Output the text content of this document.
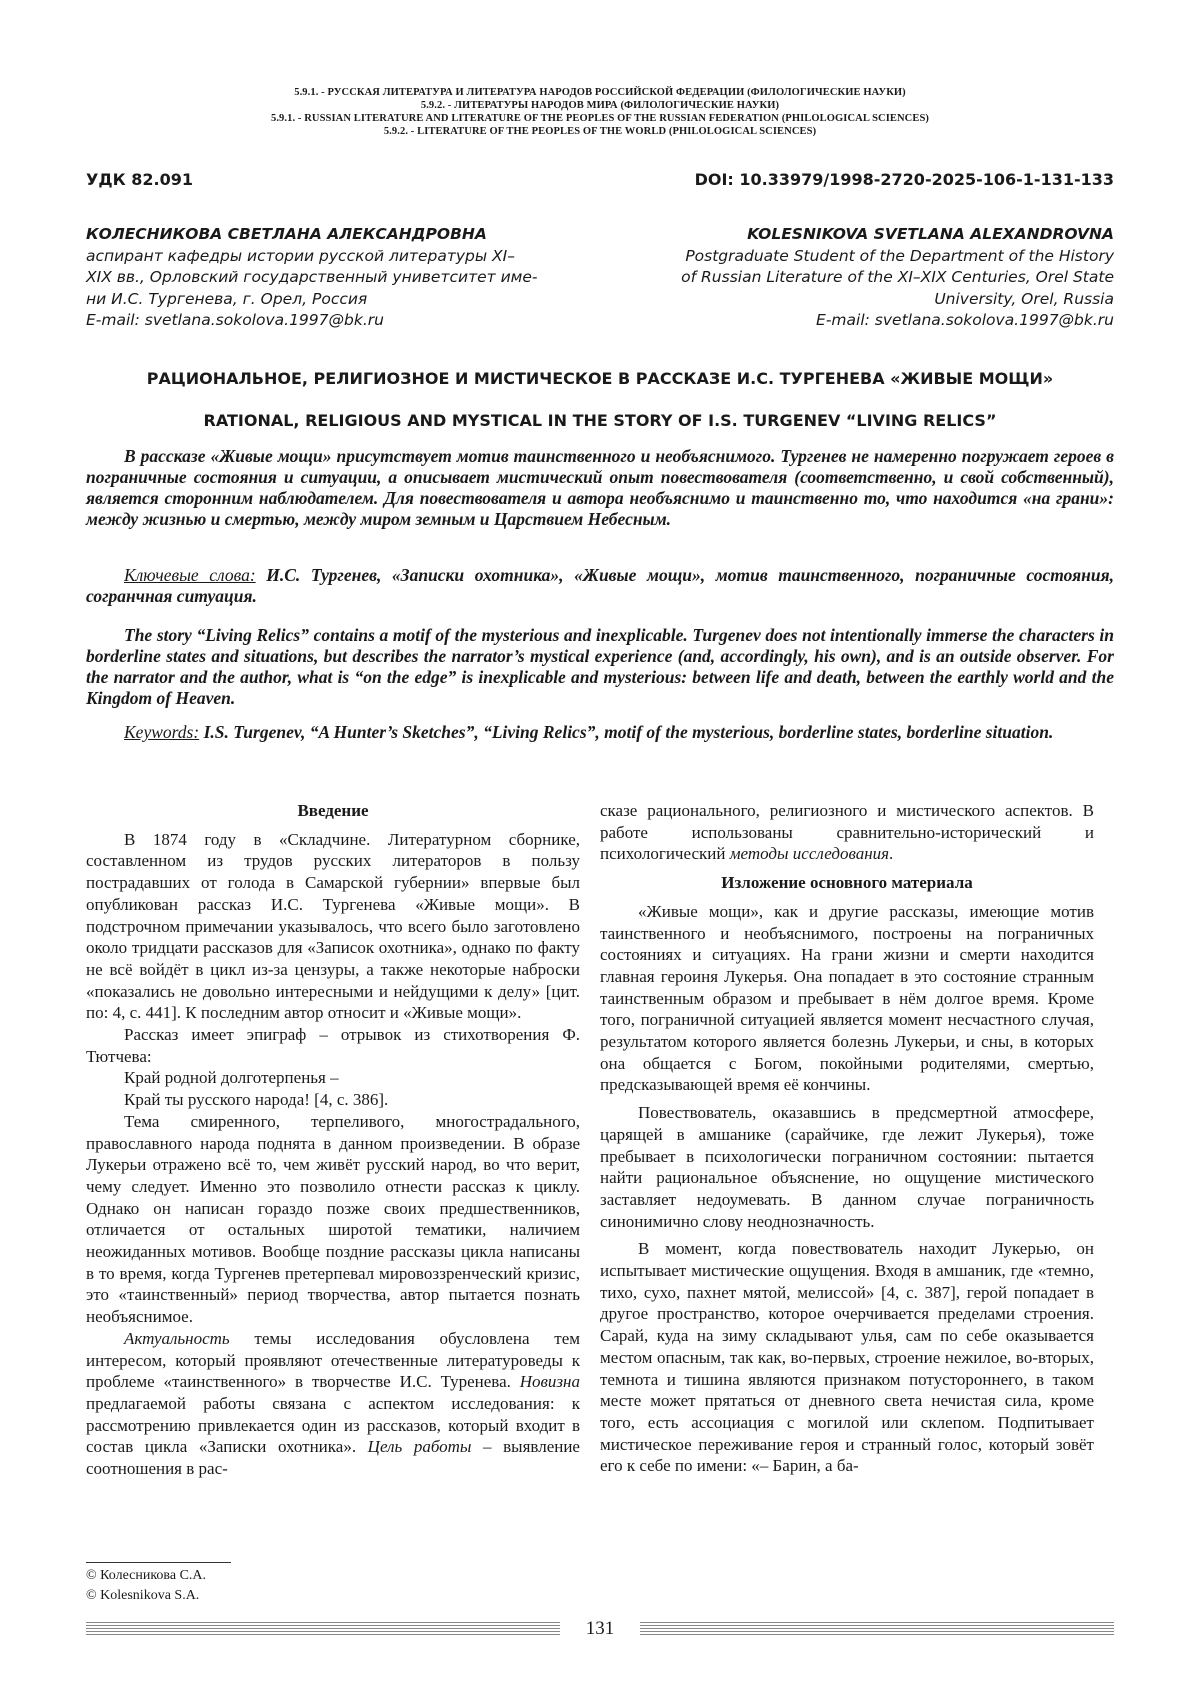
5.9.1. - РУССКАЯ ЛИТЕРАТУРА И ЛИТЕРАТУРА НАРОДОВ РОССИЙСКОЙ ФЕДЕРАЦИИ (ФИЛОЛОГИЧЕСКИЕ НАУКИ)
5.9.2. - ЛИТЕРАТУРЫ НАРОДОВ МИРА (ФИЛОЛОГИЧЕСКИЕ НАУКИ)
5.9.1. - RUSSIAN LITERATURE AND LITERATURE OF THE PEOPLES OF THE RUSSIAN FEDERATION (PHILOLOGICAL SCIENCES)
5.9.2. - LITERATURE OF THE PEOPLES OF THE WORLD (PHILOLOGICAL SCIENCES)
УДК 82.091	DOI: 10.33979/1998-2720-2025-106-1-131-133
КОЛЕСНИКОВА СВЕТЛАНА АЛЕКСАНДРОВНА
аспирант кафедры истории русской литературы XI–
XIX вв., Орловский государственный унивeтситет име-
ни И.С. Тургенева, г. Орел, Россия
E-mail: svetlana.sokolova.1997@bk.ru
KOLESNIKOVA SVETLANA ALEXANDROVNA
Postgraduate Student of the Department of the History
of Russian Literature of the XI–XIX Centuries, Orel State
University, Orel, Russia
E-mail: svetlana.sokolova.1997@bk.ru
РАЦИОНАЛЬНОЕ, РЕЛИГИОЗНОЕ И МИСТИЧЕСКОЕ В РАССКАЗЕ И.С. ТУРГЕНЕВА «ЖИВЫЕ МОЩИ»
RATIONAL, RELIGIOUS AND MYSTICAL IN THE STORY OF I.S. TURGENEV “LIVING RELICS”

В рассказе «Живые мощи» присутствует мотив таинственного и необъяснимого. Тургенев не намеренно погружает героев в пограничные состояния и ситуации, а описывает мистический опыт повествователя (соответственно, и свой собственный), является сторонним наблюдателем. Для повествователя и автора необъяснимо и таинственно то, что находится «на грани»: между жизнью и смертью, между миром земным и Царствием Небесным.

Ключевые слова: И.С. Тургенев, «Записки охотника», «Живые мощи», мотив таинственного, пограничные состояния, согранчная ситуация.

The story “Living Relics” contains a motif of the mysterious and inexplicable. Turgenev does not intentionally immerse the characters in borderline states and situations, but describes the narrator’s mystical experience (and, accordingly, his own), and is an outside observer. For the narrator and the author, what is “on the edge” is inexplicable and mysterious: between life and death, between the earthly world and the Kingdom of Heaven.

Keywords: I.S. Turgenev, “A Hunter’s Sketches”, “Living Relics”, motif of the mysterious, borderline states, borderline situation.

Введение

В 1874 году в «Складчине. Литературном сборнике, составленном из трудов русских литераторов в пользу пострадавших от голода в Самарской губернии» впервые был опубликован рассказ И.С. Тургенева «Живые мощи». В подстрочном примечании указывалось, что всего было заготовлено около тридцати рассказов для «Записок охотника», однако по факту не всё войдёт в цикл из-за цензуры, а также некоторые наброски «показались не довольно интересными и нейдущими к делу» [цит. по: 4, с. 441]. К последним автор относит и «Живые мощи».

Рассказ имеет эпиграф – отрывок из стихотворения Ф. Тютчева:

Край родной долготерпенья –

Край ты русского народа! [4, с. 386].

Тема смиренного, терпеливого, многострадального, православного народа поднята в данном произведении. В образе Лукерьи отражено всё то, чем живёт русский народ, во что верит, чему следует. Именно это позволило отнести рассказ к циклу. Однако он написан гораздо позже своих предшественников, отличается от остальных широтой тематики, наличием неожиданных мотивов. Вообще поздние рассказы цикла написаны в то время, когда Тургенев претерпевал мировоззренческий кризис, это «таинственный» период творчества, автор пытается познать необъяснимое.

Актуальность темы исследования обусловлена тем интересом, который проявляют отечественные литературоведы к проблеме «таинственного» в творчестве И.С. Туренева. Новизна предлагаемой работы связана с аспектом исследования: к рассмотрению привлекается один из рассказов, который входит в состав цикла «Записки охотника». Цель работы – выявление соотношения в рас-

сказе рационального, религиозного и мистического аспектов. В работе использованы сравнительно-исторический и психологический методы исследования.

Изложение основного материала

«Живые мощи», как и другие рассказы, имеющие мотив таинственного и необъяснимого, построены на пограничных состояниях и ситуациях. На грани жизни и смерти находится главная героиня Лукерья. Она попадает в это состояние странным таинственным образом и пребывает в нём долгое время. Кроме того, пограничной ситуацией является момент несчастного случая, результатом которого является болезнь Лукерьи, и сны, в которых она общается с Богом, покойными родителями, смертью, предсказывающей время её кончины.

Повествователь, оказавшись в предсмертной атмосфере, царящей в амшанике (сарайчике, где лежит Лукерья), тоже пребывает в психологически пограничном состоянии: пытается найти рациональное объяснение, но ощущение мистического заставляет недоумевать. В данном случае пограничность синонимично слову неоднозначность.

В момент, когда повествователь находит Лукерью, он испытывает мистические ощущения. Входя в амшаник, где «темно, тихо, сухо, пахнет мятой, мелиссой» [4, с. 387], герой попадает в другое пространство, которое очерчивается пределами строения. Сарай, куда на зиму складывают улья, сам по себе оказывается местом опасным, так как, во-первых, строение нежилое, во-вторых, темнота и тишина являются признаком потустороннего, в таком месте может прятаться от дневного света нечистая сила, кроме того, есть ассоциация с могилой или склепом. Подпитывает мистическое переживание героя и странный голос, который зовёт его к себе по имени: «– Барин, а ба-

© Колесникова С.А.
© Kolesnikova S.A.
131
